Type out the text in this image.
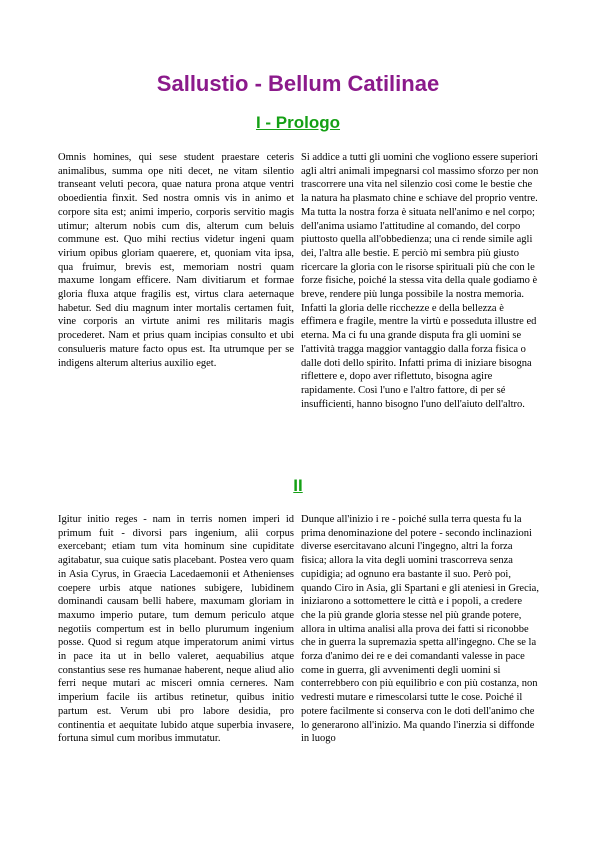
Sallustio - Bellum Catilinae
I - Prologo

Omnis homines, qui sese student praestare ceteris animalibus, summa ope niti decet, ne vitam silentio transeant veluti pecora, quae natura prona atque ventri oboedientia finxit. Sed nostra omnis vis in animo et corpore sita est; animi imperio, corporis servitio magis utimur; alterum nobis cum dis, alterum cum beluis commune est. Quo mihi rectius videtur ingeni quam virium opibus gloriam quaerere, et, quoniam vita ipsa, qua fruimur, brevis est, memoriam nostri quam maxume longam efficere. Nam divitiarum et formae gloria fluxa atque fragilis est, virtus clara aeternaque habetur. Sed diu magnum inter mortalis certamen fuit, vine corporis an virtute animi res militaris magis procederet. Nam et prius quam incipias consulto et ubi consulueris mature facto opus est. Ita utrumque per se indigens alterum alterius auxilio eget.

Si addice a tutti gli uomini che vogliono essere superiori agli altri animali impegnarsi col massimo sforzo per non trascorrere una vita nel silenzio così come le bestie che la natura ha plasmato chine e schiave del proprio ventre. Ma tutta la nostra forza è situata nell'animo e nel corpo; dell'anima usiamo l'attitudine al comando, del corpo piuttosto quella all'obbedienza; una ci rende simile agli dei, l'altra alle bestie. E perciò mi sembra più giusto ricercare la gloria con le risorse spirituali più che con le forze fisiche, poiché la stessa vita della quale godiamo è breve, rendere più lunga possibile la nostra memoria. Infatti la gloria delle ricchezze e della bellezza è effimera e fragile, mentre la virtù e posseduta illustre ed eterna. Ma ci fu una grande disputa fra gli uomini se l'attività tragga maggior vantaggio dalla forza fisica o dalle doti dello spirito. Infatti prima di iniziare bisogna riflettere e, dopo aver riflettuto, bisogna agire rapidamente. Così l'uno e l'altro fattore, di per sé insufficienti, hanno bisogno l'uno dell'aiuto dell'altro.

II

Igitur initio reges - nam in terris nomen imperi id primum fuit - divorsi pars ingenium, alii corpus exercebant; etiam tum vita hominum sine cupiditate agitabatur, sua cuique satis placebant. Postea vero quam in Asia Cyrus, in Graecia Lacedaemonii et Athenienses coepere urbis atque nationes subigere, lubidinem dominandi causam belli habere, maxumam gloriam in maxumo imperio putare, tum demum periculo atque negotiis compertum est in bello plurumum ingenium posse. Quod si regum atque imperatorum animi virtus in pace ita ut in bello valeret, aequabilius atque constantius sese res humanae haberent, neque aliud alio ferri neque mutari ac misceri omnia cerneres. Nam imperium facile iis artibus retinetur, quibus initio partum est. Verum ubi pro labore desidia, pro continentia et aequitate lubido atque superbia invasere, fortuna simul cum moribus immutatur.

Dunque all'inizio i re - poiché sulla terra questa fu la prima denominazione del potere - secondo inclinazioni diverse esercitavano alcuni l'ingegno, altri la forza fisica; allora la vita degli uomini trascorreva senza cupidigia; ad ognuno era bastante il suo. Però poi, quando Ciro in Asia, gli Spartani e gli ateniesi in Grecia, iniziarono a sottomettere le città e i popoli, a credere che la più grande gloria stesse nel più grande potere, allora in ultima analisi alla prova dei fatti si riconobbe che in guerra la supremazia spetta all'ingegno. Che se la forza d'animo dei re e dei comandanti valesse in pace come in guerra, gli avvenimenti degli uomini si conterrebbero con più equilibrio e con più costanza, non vedresti mutare e rimescolarsi tutte le cose. Poiché il potere facilmente si conserva con le doti dell'animo che lo generarono all'inizio. Ma quando l'inerzia si diffonde in luogo
